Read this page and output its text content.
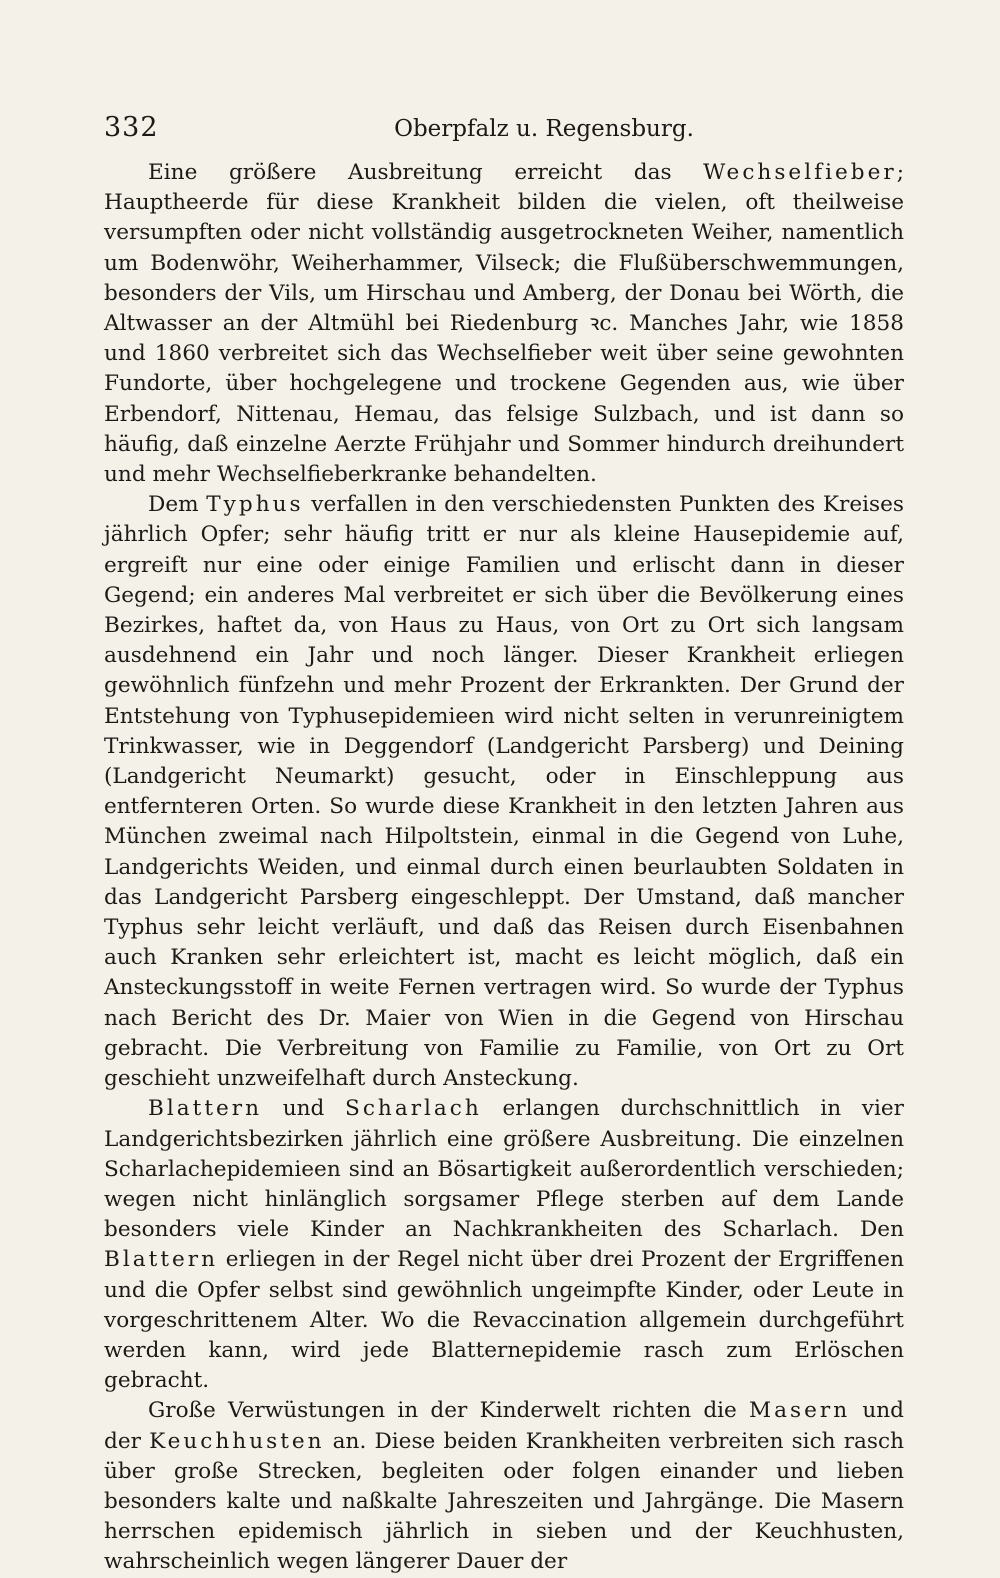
332	Oberpfalz u. Regensburg.

Eine größere Ausbreitung erreicht das Wechselfieber; Hauptheerde für diese Krankheit bilden die vielen, oft theilweise versumpften oder nicht vollständig ausgetrockneten Weiher, namentlich um Bodenwöhr, Weiherhammer, Vilseck; die Flußüberschwemmungen, besonders der Vils, um Hirschau und Amberg, der Donau bei Wörth, die Altwasser an der Altmühl bei Riedenburg ꝛc. Manches Jahr, wie 1858 und 1860 verbreitet sich das Wechselfieber weit über seine gewohnten Fundorte, über hochgelegene und trockene Gegenden aus, wie über Erbendorf, Nittenau, Hemau, das felsige Sulzbach, und ist dann so häufig, daß einzelne Aerzte Frühjahr und Sommer hindurch dreihundert und mehr Wechselfieberkranke behandelten.

Dem Typhus verfallen in den verschiedensten Punkten des Kreises jährlich Opfer; sehr häufig tritt er nur als kleine Hausepidemie auf, ergreift nur eine oder einige Familien und erlischt dann in dieser Gegend; ein anderes Mal verbreitet er sich über die Bevölkerung eines Bezirkes, haftet da, von Haus zu Haus, von Ort zu Ort sich langsam ausdehnend ein Jahr und noch länger. Dieser Krankheit erliegen gewöhnlich fünfzehn und mehr Prozent der Erkrankten. Der Grund der Entstehung von Typhusepidemieen wird nicht selten in verunreinigtem Trinkwasser, wie in Deggendorf (Landgericht Parsberg) und Deining (Landgericht Neumarkt) gesucht, oder in Einschleppung aus entfernteren Orten. So wurde diese Krankheit in den letzten Jahren aus München zweimal nach Hilpoltstein, einmal in die Gegend von Luhe, Landgerichts Weiden, und einmal durch einen beurlaubten Soldaten in das Landgericht Parsberg eingeschleppt. Der Umstand, daß mancher Typhus sehr leicht verläuft, und daß das Reisen durch Eisenbahnen auch Kranken sehr erleichtert ist, macht es leicht möglich, daß ein Ansteckungsstoff in weite Fernen vertragen wird. So wurde der Typhus nach Bericht des Dr. Maier von Wien in die Gegend von Hirschau gebracht. Die Verbreitung von Familie zu Familie, von Ort zu Ort geschieht unzweifelhaft durch Ansteckung.

Blattern und Scharlach erlangen durchschnittlich in vier Landgerichtsbezirken jährlich eine größere Ausbreitung. Die einzelnen Scharlachepidemieen sind an Bösartigkeit außerordentlich verschieden; wegen nicht hinlänglich sorgsamer Pflege sterben auf dem Lande besonders viele Kinder an Nachkrankheiten des Scharlach. Den Blattern erliegen in der Regel nicht über drei Prozent der Ergriffenen und die Opfer selbst sind gewöhnlich ungeimpfte Kinder, oder Leute in vorgeschrittenem Alter. Wo die Revaccination allgemein durchgeführt werden kann, wird jede Blatternepidemie rasch zum Erlöschen gebracht.

Große Verwüstungen in der Kinderwelt richten die Masern und der Keuchhusten an. Diese beiden Krankheiten verbreiten sich rasch über große Strecken, begleiten oder folgen einander und lieben besonders kalte und naßkalte Jahreszeiten und Jahrgänge. Die Masern herrschen epidemisch jährlich in sieben und der Keuchhusten, wahrscheinlich wegen längerer Dauer der
